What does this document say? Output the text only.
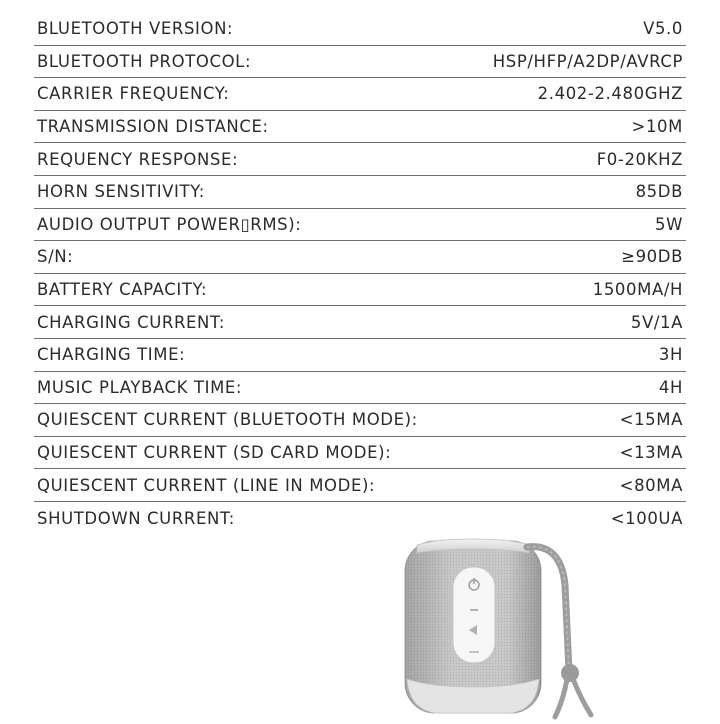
BLUETOOTH VERSION:	V5.0
BLUETOOTH PROTOCOL:	HSP/HFP/A2DP/AVRCP
CARRIER FREQUENCY:	2.402-2.480GHZ
TRANSMISSION DISTANCE:	>10M
REQUENCY RESPONSE:	F0-20KHZ
HORN SENSITIVITY:	85DB
AUDIO OUTPUT POWER▯RMS):	5W
S/N:	≥90DB
BATTERY CAPACITY:	1500MA/H
CHARGING CURRENT:	5V/1A
CHARGING TIME:	3H
MUSIC PLAYBACK TIME:	4H
QUIESCENT CURRENT (BLUETOOTH MODE):	<15MA
QUIESCENT CURRENT (SD CARD MODE):	<13MA
QUIESCENT CURRENT (LINE IN MODE):	<80MA
SHUTDOWN CURRENT:	<100UA
